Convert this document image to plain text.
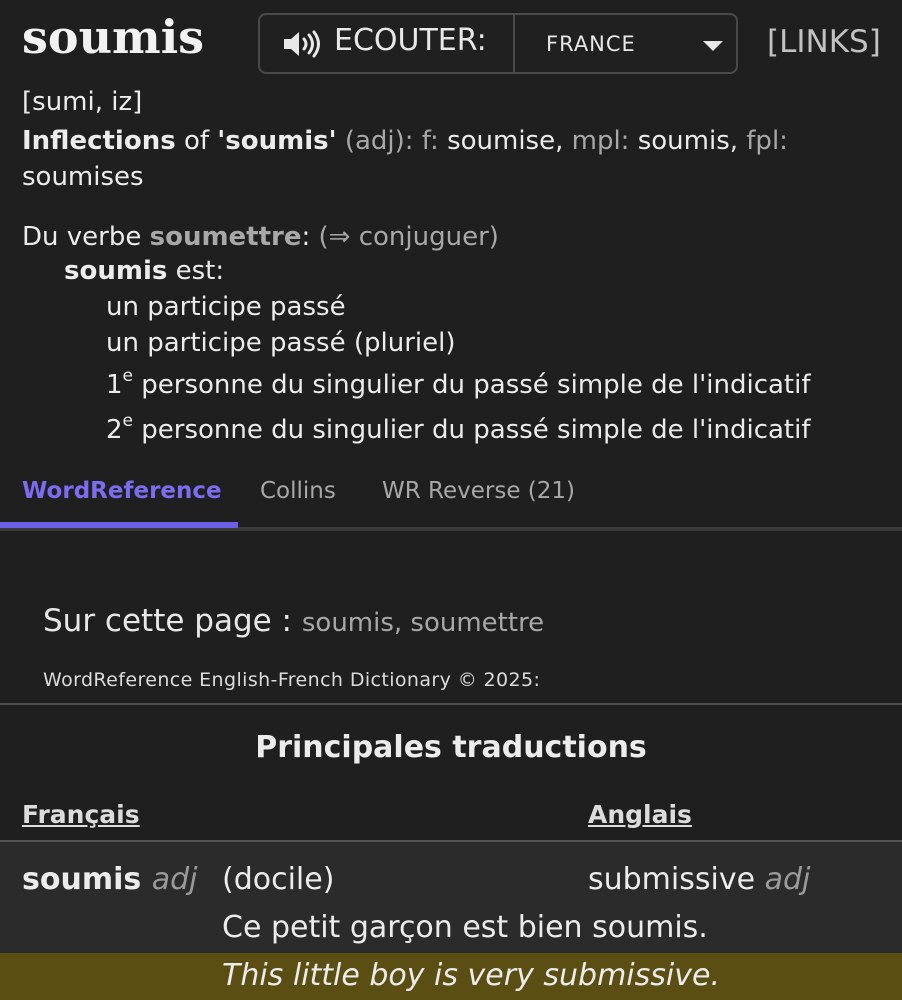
soumis	ECOUTER:	FRANCE	[LINKS]
[sumi, iz]
Inflections of 'soumis' (adj): f: soumise, mpl: soumis, fpl: soumises
Du verbe soumettre: (⇒ conjuguer)
soumis est:
un participe passé
un participe passé (pluriel)
1e personne du singulier du passé simple de l'indicatif
2e personne du singulier du passé simple de l'indicatif
WordReference Collins WR Reverse (21)
Sur cette page : soumis, soumettre
WordReference English-French Dictionary © 2025:
Principales traductions
Français	Anglais
soumis adj (docile)	submissive adj
Ce petit garçon est bien soumis.
This little boy is very submissive.
